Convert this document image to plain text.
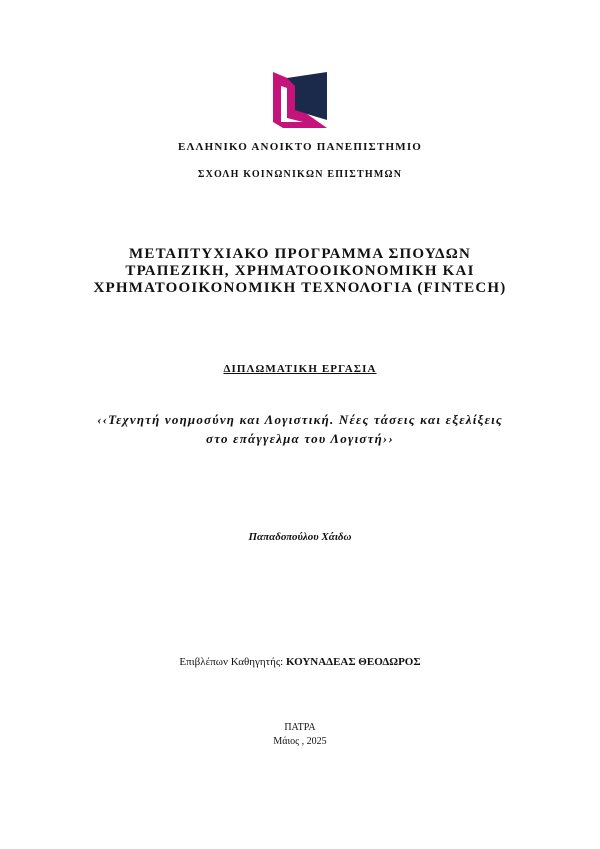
ΕΛΛΗΝΙΚΟ ΑΝΟΙΚΤΟ ΠΑΝΕΠΙΣΤΗΜΙΟ
ΣΧΟΛΗ ΚΟΙΝΩΝΙΚΩΝ ΕΠΙΣΤΗΜΩΝ
ΜΕΤΑΠΤΥΧΙΑΚΟ ΠΡΟΓΡΑΜΜΑ ΣΠΟΥΔΩΝ
ΤΡΑΠΕΖΙΚΗ, ΧΡΗΜΑΤΟΟΙΚΟΝΟΜΙΚΗ ΚΑΙ
ΧΡΗΜΑΤΟΟΙΚΟΝΟΜΙΚΗ ΤΕΧΝΟΛΟΓΙΑ (FINTECH)
ΔΙΠΛΩΜΑΤΙΚΗ ΕΡΓΑΣΙΑ
‹‹Τεχνητή νοημοσύνη και Λογιστική. Νέες τάσεις και εξελίξεις
στο επάγγελμα του Λογιστή››
Παπαδοπούλου Χάιδω
Επιβλέπων Καθηγητής: ΚΟΥΝΑΔΕΑΣ ΘΕΟΔΩΡΟΣ
ΠΑΤΡΑ
Μάιος , 2025
